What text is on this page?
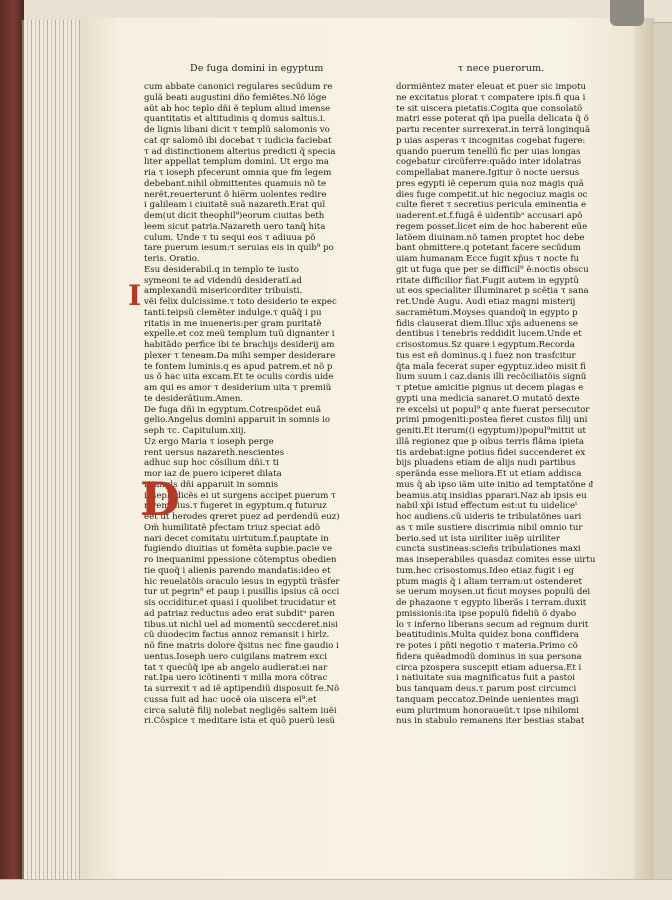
De fuga domini in egyptum	τ nece puerorum.
cum abbate canonici regulares secũdum re
gulã beati augustini dño femiẽtes.Nõ lõge
aũt ab hoc teplo dñi ẽ teplum aliud imense
quantitatis et altitudinis q domus saltus.i.
de lignis libani dicit̃ τ templũ salomonis vo
cat̃ qr salomõ ibi docebat τ iudicia faciebat
τ ad distinctionem alterius predicti q̃ specia
liter appellat̃ templum domini. Ut ergo ma
ria τ ioseph pfecerunt omnia que fm legem
debebant̃.nihil obmittentes quamuis nõ te
nerẽt̃.reuerterunt õ hie̅rm uolentes redire
i galileam i ciuitatẽ suã nazareth.Erat quĩ
dem(ut dicit theophil⁹)eorum ciuitas beth
leem sicut patria.Nazareth uero tanq̃ hita
culum. Unde τ tu sequi eos τ adiuua põ
tare puerum iesum:τ seruias eis in quib⁹ po
teris. Oratio.
Esu desiderabil̃.q in templo te iusto
symeoni te ad videndũ desideratĩ.ad
amplexandũ misericorditer tribuisti.
vẽi felix dulcissime.τ toto desiderio te expec
tanti.teipsũ clemẽter indulge.τ quãq̃ i pu
ritatis in me inueneris:per gram puritatẽ
expelle.et coz meũ templum tuũ dignanter i
habitãdo perfice ibi te brachijs desiderij am
plexer τ teneam.Da mihi semper desiderare
te fontem luminis.q es apud patrem.et nõ p
us õ hac uita excam.Et te oculis cordis uide
am qui es amor τ desiderium uita τ premiũ
te desiderãtium.Amen.
De fuga dñi in egyptum.Cotrespõdet euã
gelio.Angelus domini apparuit in somnis io
seph τc. Capitulum.xiij.
Ũz ergo Maria τ ioseph perge
rent uersus nazareth.nescientes
adhuc sup hoc cõsilium dñi.τ ti
mor iaz de puero iciperet dilata
ri(angls dñi apparuit in somnis
ioseph:dicẽs ei ut surgens accipet puerum τ
m̃rem eius.τ fugeret in egyptum.q futuruz
eet ut herodes qreret puez ad perdendũ euz)
Õm̃ humilitatẽ pfectam triuz speciat̃ adõ
nari decet comitatu uirtutum.f.pauptate in
fugiendo diuitias ut fomẽta supbie.pacie ve
ro inequanimi ppessione cõtemptus obedien
tie quoq̃ i alienis parendo mandatis:ideo et
hic reuelatõis oraculo iesus in egyptũ trãsfer
tur ut pegrin⁹ et paup i pusillis ipsius cã occi
sis occiditur.et quasi i quolibet trucidatur et
ad patriaz reductus adeo erat subditᵘ paren
tibus.ut nichl uel ad momentũ seccderet.nisi
cũ duodecim factus annoz remansit i hirlz.
nõ fine matris dolore q̃situs nec fine gaudio i
uentus.Ioseph uero cuigilans matrem exci
tat τ quecũq̃ ipe ab angelo audierat:ei nar
rat.Ipa uero icõtinenti τ milla mora cõtrac
ta surrexit τ ad iẽ aptipendiũ disposuit fe.Nõ
cussa fuit ad hac uocẽ oia uiscera eĩ⁹.et
circa salutẽ filij nolebat negligẽs saltem iuẽi
ri.Cõspice τ meditare ista et quõ puerũ iesũ
dormiẽntez mater eleuat et puer sic impotu
ne excitatus plorat τ compatere ipis.fi qua i
te sit uiscera pietatis.Cogita que consolatõ
matri esse poterat qñ ipa puella delicata q̃ õ
partu recenter surrexerat.in terrã longinquã
p uias asperas τ incognitas cogebat fugere:
quando puerum tenellũ fic per uias longas
cogebatur circũferre:quãdo inter idolatras
compellabat̃ manere.Igitur õ nocte uersus
pres egypti iẽ ceperum quia noz magis quã
dies fuge competit.ut hic negociuz magis oc
culte fieret τ secretius pericula eminentia e
uaderent.et.f.fugã ẽ uidentibᵘ accusari apõ
regem posset.licet eim de hoc haberent eũe
latõem diuinam.nõ tamen proptet hoc debe
bant obmittere.q potetant facere secũdum
uiam humanam Ecce fugit xp̃us τ nocte fu
git ut fuga que per se difficil⁹ ẽ:noctis obscu
ritate difficilior fiat.Fugit autem in egyptũ
ut eos specialiter illuminaret p scẽtia τ sana
ret.Unde Augu. Audi etiaz magni misterij
sacramẽtum.Moyses quandoq̃ in egypto p
fidis clauserat diem.Illuc xp̃s aduenens se
dentibus i tenebris reddidit lucem.Unde et
crisostomus.Sz quare i egyptum.Recorda
tus est eñ dominus.q i fuez non trasfcitur
q̃ta mala fecerat super egyptuz.ideo misit fi
lium suum i caz.danis illi recõciliatõis signũ
τ ptetue amicitie pignus ut decem plagas e
gypti una medicia sanaret.O mutatõ dexte
re excelsi ut popul⁹ q ante fuerat persecutor
primi pmogeniti:postea fieret custos filij uni
geniti.Et iterum((i egyptum))popul⁹mittit ut
illã regionez que p oibus terris flãma ipieta
tis ardebat:igne potius fidei succenderet ex
bijs pluadens etiam de alijs nudi partibus
sperãnda esse meliora.Et ut etiam addisca
mus q̃ ab ipso iãm uite initio ad temptatõne ᵭ
beamus.atq insidias pparari.Naz ab ipsis eu
nabil xp̃i istud effectum est:ut tu uideliceᵗ
hoc audiens.cũ uideris te tribulatõnes uari
as τ mile sustiere discrimia nibil omnio tur
berio.sed ut ista uiriliter iuẽp uiriliter
cuncta sustineas:scieñs tribulationes maxi
mas inseperabiles quasdaz comites esse uirtu
tum.hec crisostomus.Ideo etiaz fugit i eg
ptum magis q̃ i aliam terram:ut ostenderet
se uerum moysen.ut ficut moyses populũ dei
de phazaone τ egypto liberãs i terram.duxit
pmissionis:ita ipse populũ fideliũ õ dyabo
lo τ inferno liberans secum ad regnum durit
beatitudinis.Multa quidez bona conffidera
re potes i pñti negotio τ materia.Primo cõ
fidera quẽadmodũ dominus in sua persona
circa pzospera suscepit etiam aduersa.Et i
i natiuitate sua magnificatus fuit a pastoi
bus tanquam deus.τ parum post circumci
tanquam peccatoz.Deinde uenientes magi
eum plurimum honoraueũt.τ ipse nihilomi
nus in stabulo remanens iter bestias stabat
I
D
